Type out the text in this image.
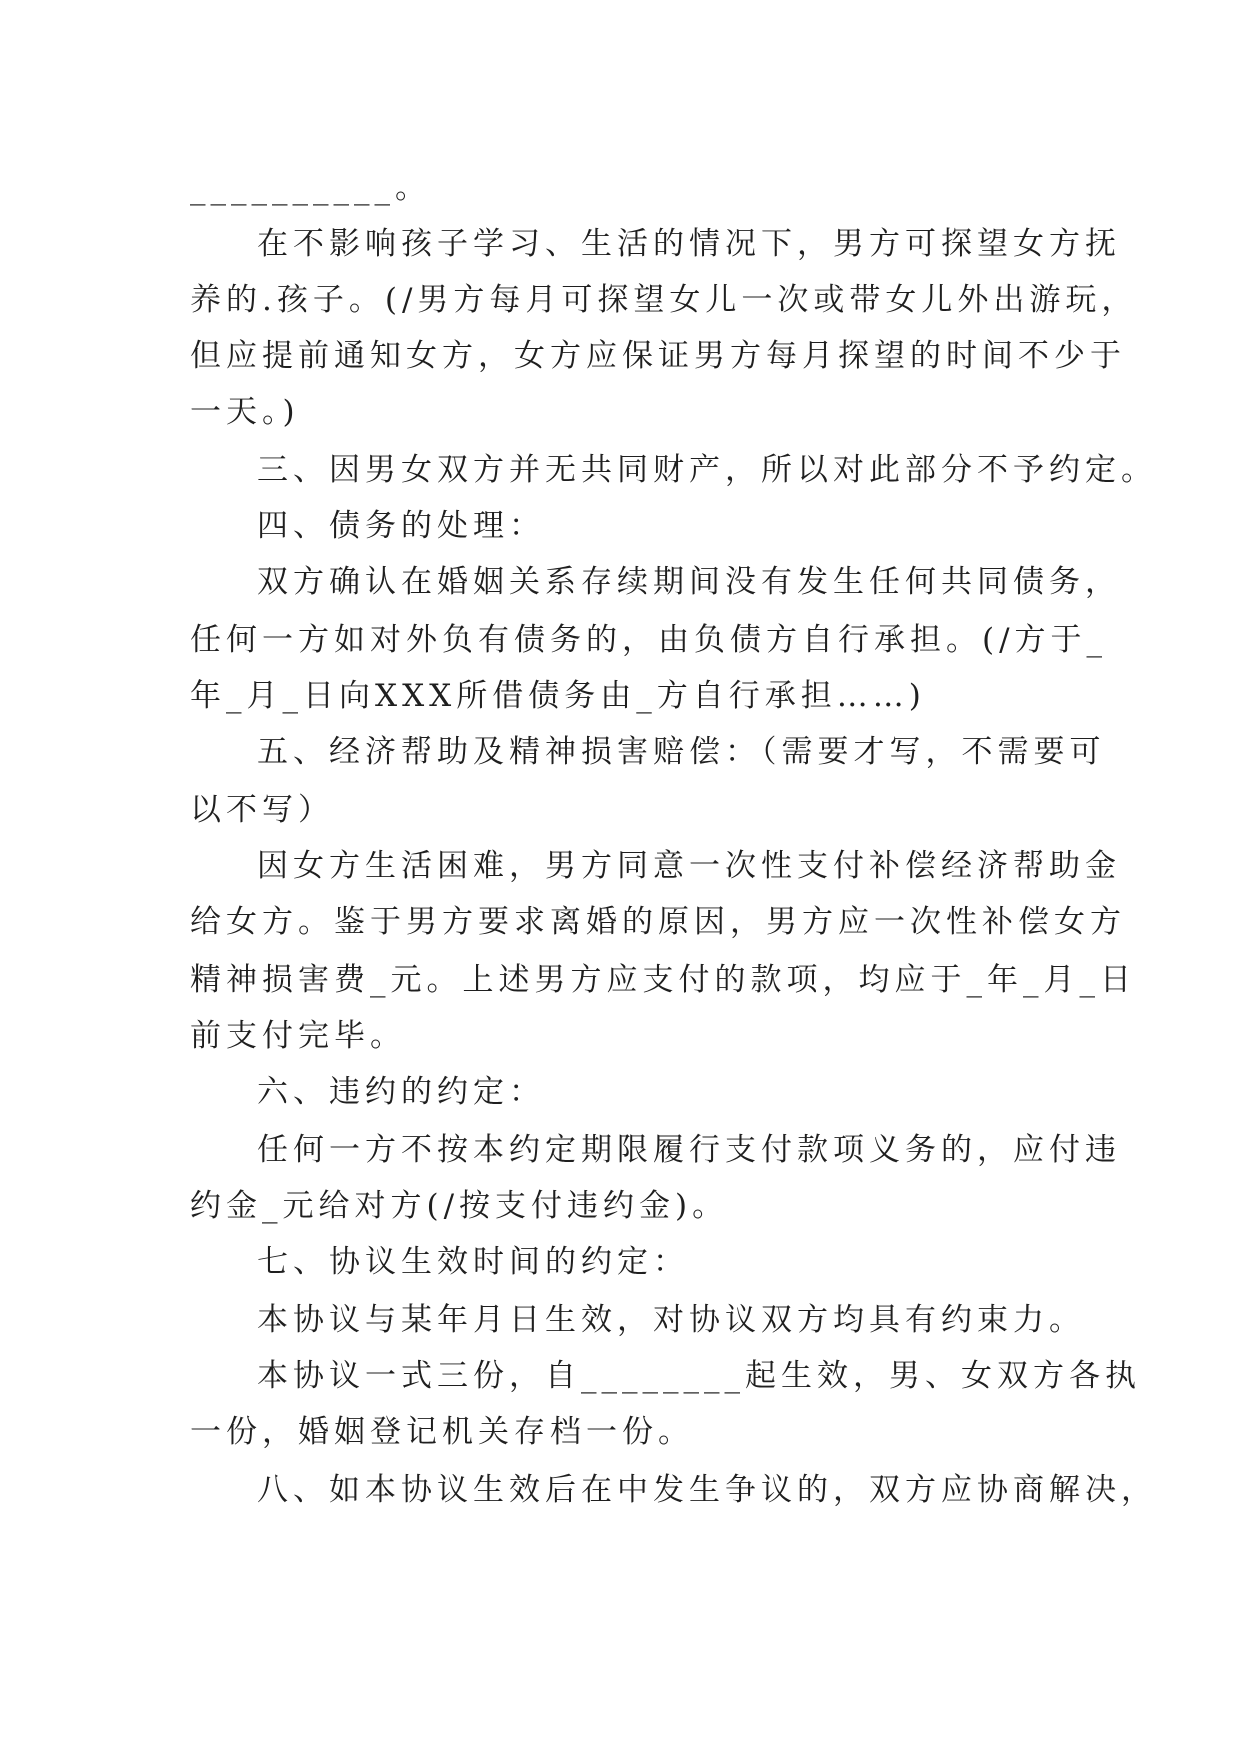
__________。
在不影响孩子学习、生活的情况下，男方可探望女方抚
养的.孩子。(/男方每月可探望女儿一次或带女儿外出游玩，
但应提前通知女方，女方应保证男方每月探望的时间不少于
一天。)
三、因男女双方并无共同财产，所以对此部分不予约定。
四、债务的处理：
双方确认在婚姻关系存续期间没有发生任何共同债务，
任何一方如对外负有债务的，由负债方自行承担。(/方于_
年_月_日向XXX所借债务由_方自行承担……)
五、经济帮助及精神损害赔偿：（需要才写，不需要可
以不写）
因女方生活困难，男方同意一次性支付补偿经济帮助金
给女方。鉴于男方要求离婚的原因，男方应一次性补偿女方
精神损害费_元。上述男方应支付的款项，均应于_年_月_日
前支付完毕。
六、违约的约定：
任何一方不按本约定期限履行支付款项义务的，应付违
约金_元给对方(/按支付违约金)。
七、协议生效时间的约定：
本协议与某年月日生效，对协议双方均具有约束力。
本协议一式三份，自________起生效，男、女双方各执
一份，婚姻登记机关存档一份。
八、如本协议生效后在中发生争议的，双方应协商解决，
